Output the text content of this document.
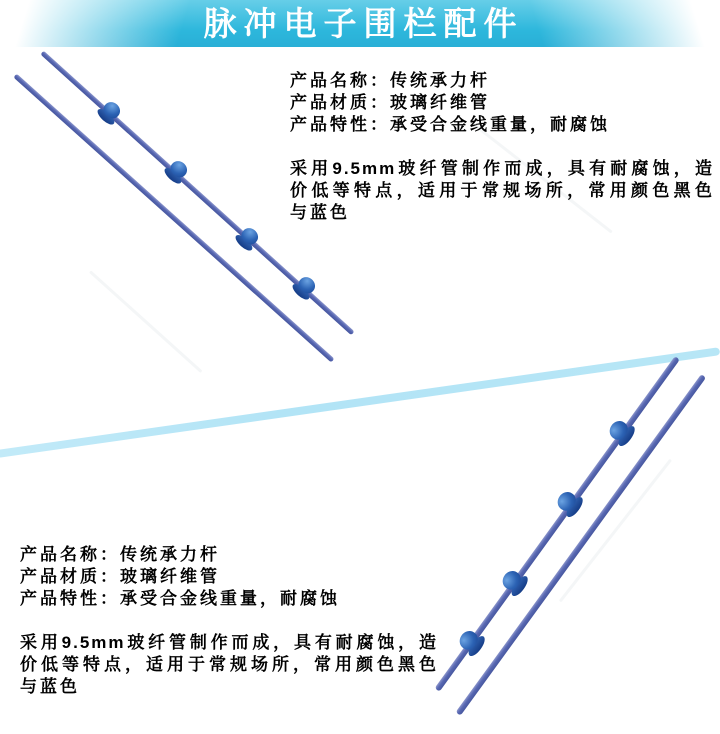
脉冲电子围栏配件
产品名称：传统承力杆
产品材质：玻璃纤维管
产品特性：承受合金线重量，耐腐蚀
采用9.5mm玻纤管制作而成，具有耐腐蚀，造
价低等特点，适用于常规场所，常用颜色黑色
与蓝色
产品名称：传统承力杆
产品材质：玻璃纤维管
产品特性：承受合金线重量，耐腐蚀
采用9.5mm玻纤管制作而成，具有耐腐蚀，造
价低等特点，适用于常规场所，常用颜色黑色
与蓝色
